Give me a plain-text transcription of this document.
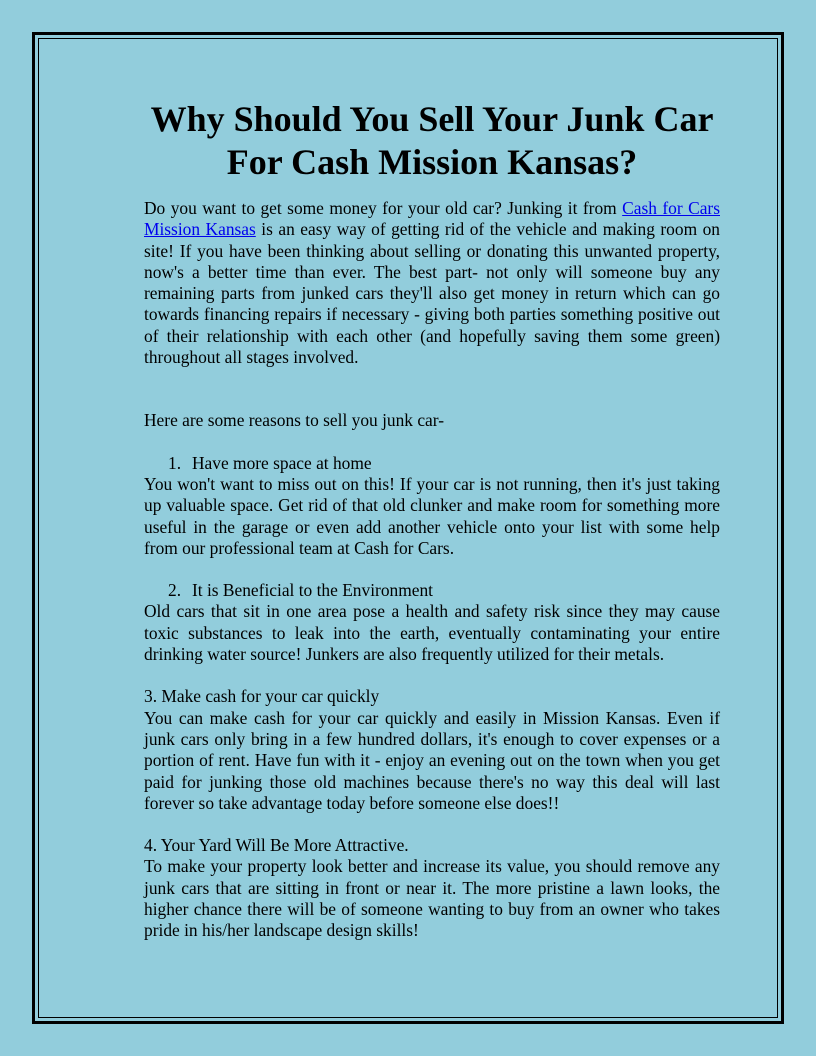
Why Should You Sell Your Junk Car For Cash Mission Kansas?

Do you want to get some money for your old car? Junking it from Cash for Cars Mission Kansas is an easy way of getting rid of the vehicle and making room on site! If you have been thinking about selling or donating this unwanted property, now's a better time than ever. The best part- not only will someone buy any remaining parts from junked cars they'll also get money in return which can go towards financing repairs if necessary - giving both parties something positive out of their relationship with each other (and hopefully saving them some green) throughout all stages involved.

Here are some reasons to sell you junk car-

1. Have more space at home

You won't want to miss out on this! If your car is not running, then it's just taking up valuable space. Get rid of that old clunker and make room for something more useful in the garage or even add another vehicle onto your list with some help from our professional team at Cash for Cars.

2. It is Beneficial to the Environment

Old cars that sit in one area pose a health and safety risk since they may cause toxic substances to leak into the earth, eventually contaminating your entire drinking water source! Junkers are also frequently utilized for their metals.

3. Make cash for your car quickly

You can make cash for your car quickly and easily in Mission Kansas. Even if junk cars only bring in a few hundred dollars, it's enough to cover expenses or a portion of rent. Have fun with it - enjoy an evening out on the town when you get paid for junking those old machines because there's no way this deal will last forever so take advantage today before someone else does!!

4. Your Yard Will Be More Attractive.

To make your property look better and increase its value, you should remove any junk cars that are sitting in front or near it. The more pristine a lawn looks, the higher chance there will be of someone wanting to buy from an owner who takes pride in his/her landscape design skills!
